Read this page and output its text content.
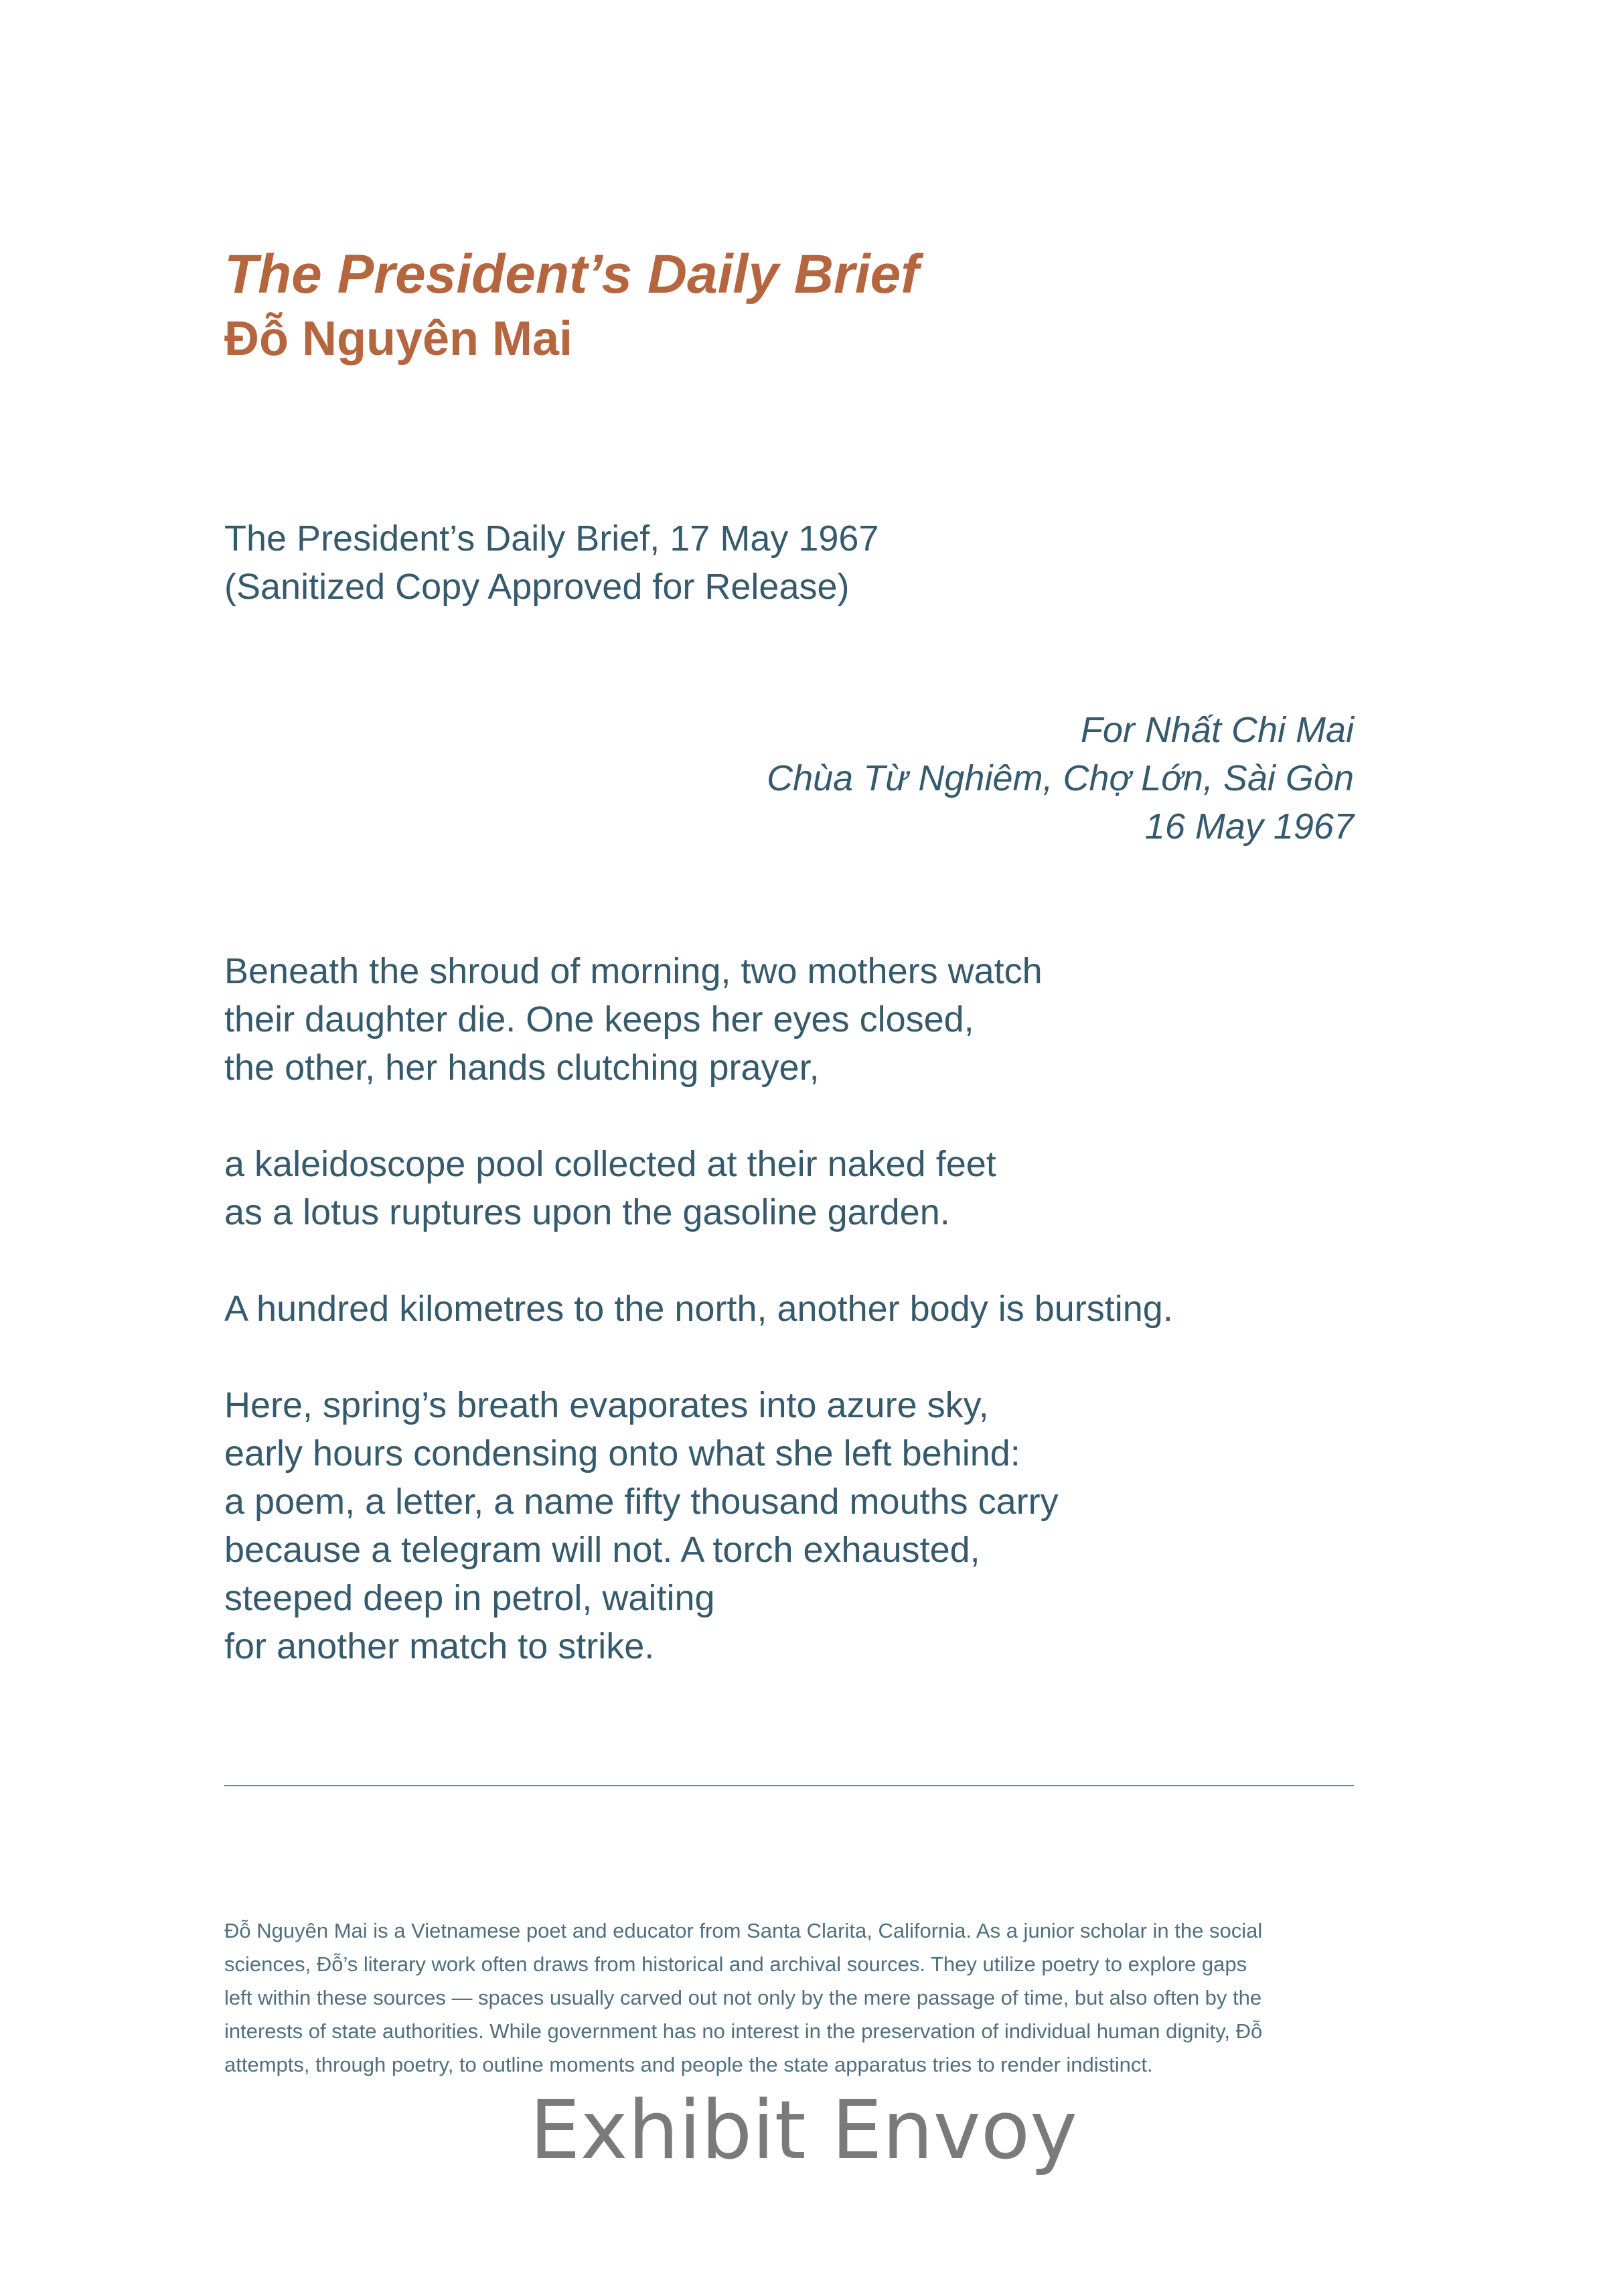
The President’s Daily Brief
Đỗ Nguyên Mai
The President’s Daily Brief, 17 May 1967
(Sanitized Copy Approved for Release)
For Nhất Chi Mai
Chùa Từ Nghiêm, Chợ Lớn, Sài Gòn
16 May 1967
Beneath the shroud of morning, two mothers watch
their daughter die. One keeps her eyes closed,
the other, her hands clutching prayer,
a kaleidoscope pool collected at their naked feet
as a lotus ruptures upon the gasoline garden.
A hundred kilometres to the north, another body is bursting.
Here, spring’s breath evaporates into azure sky,
early hours condensing onto what she left behind:
a poem, a letter, a name fifty thousand mouths carry
because a telegram will not. A torch exhausted,
steeped deep in petrol, waiting
for another match to strike.
Đỗ Nguyên Mai is a Vietnamese poet and educator from Santa Clarita, California. As a junior scholar in the social
sciences, Đỗ’s literary work often draws from historical and archival sources. They utilize poetry to explore gaps
left within these sources — spaces usually carved out not only by the mere passage of time, but also often by the
interests of state authorities. While government has no interest in the preservation of individual human dignity, Đỗ
attempts, through poetry, to outline moments and people the state apparatus tries to render indistinct.
Exhibit Envoy
